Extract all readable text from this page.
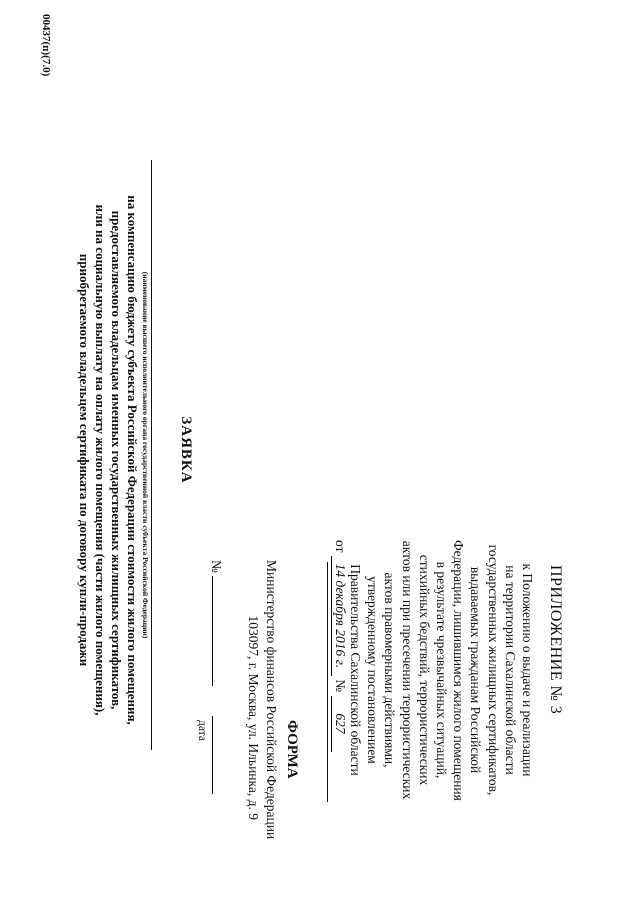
ПРИЛОЖЕНИЕ № 3
к Положению о выдаче и реализации
на территории Сахалинской области
государственных жилищных сертификатов,
выдаваемых гражданам Российской
Федерации, лишившимся жилого помещения
в результате чрезвычайных ситуаций,
стихийных бедствий, террористических
актов или при пресечении террористических
актов правомерными действиями,
утвержденному постановлением
Правительства Сахалинской области
от 14 декабря 2016 г. № 627
ФОРМА
Министерство финансов Российской Федерации
103097, г. Москва, ул. Ильинка, д. 9
№
дата
ЗАЯВКА
(наименование высшего исполнительного органа государственной власти субъекта Российской Федерации)
на компенсацию бюджету субъекта Российской Федерации стоимости жилого помещения,
предоставляемого владельцам именных государственных жилищных сертификатов,
или на социальную выплату на оплату жилого помещения (части жилого помещения),
приобретаемого владельцем сертификата по договору купли-продажи
00437(п)(7.0)
